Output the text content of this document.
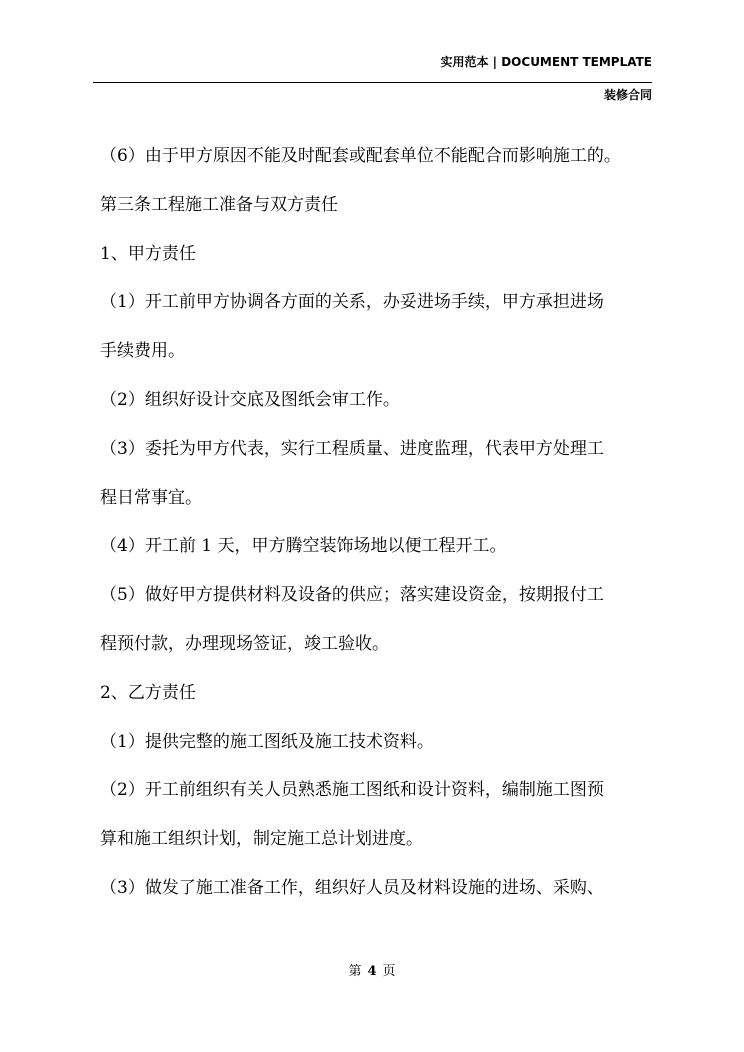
实用范本 | DOCUMENT TEMPLATE
装修合同
（6）由于甲方原因不能及时配套或配套单位不能配合而影响施工的。
第三条工程施工准备与双方责任
1、甲方责任
（1）开工前甲方协调各方面的关系，办妥进场手续，甲方承担进场
手续费用。
（2）组织好设计交底及图纸会审工作。
（3）委托为甲方代表，实行工程质量、进度监理，代表甲方处理工
程日常事宜。
（4）开工前 1 天，甲方腾空装饰场地以便工程开工。
（5）做好甲方提供材料及设备的供应；落实建设资金，按期报付工
程预付款，办理现场签证，竣工验收。
2、乙方责任
（1）提供完整的施工图纸及施工技术资料。
（2）开工前组织有关人员熟悉施工图纸和设计资料，编制施工图预
算和施工组织计划，制定施工总计划进度。
（3）做发了施工准备工作，组织好人员及材料设施的进场、采购、
第 4 页
